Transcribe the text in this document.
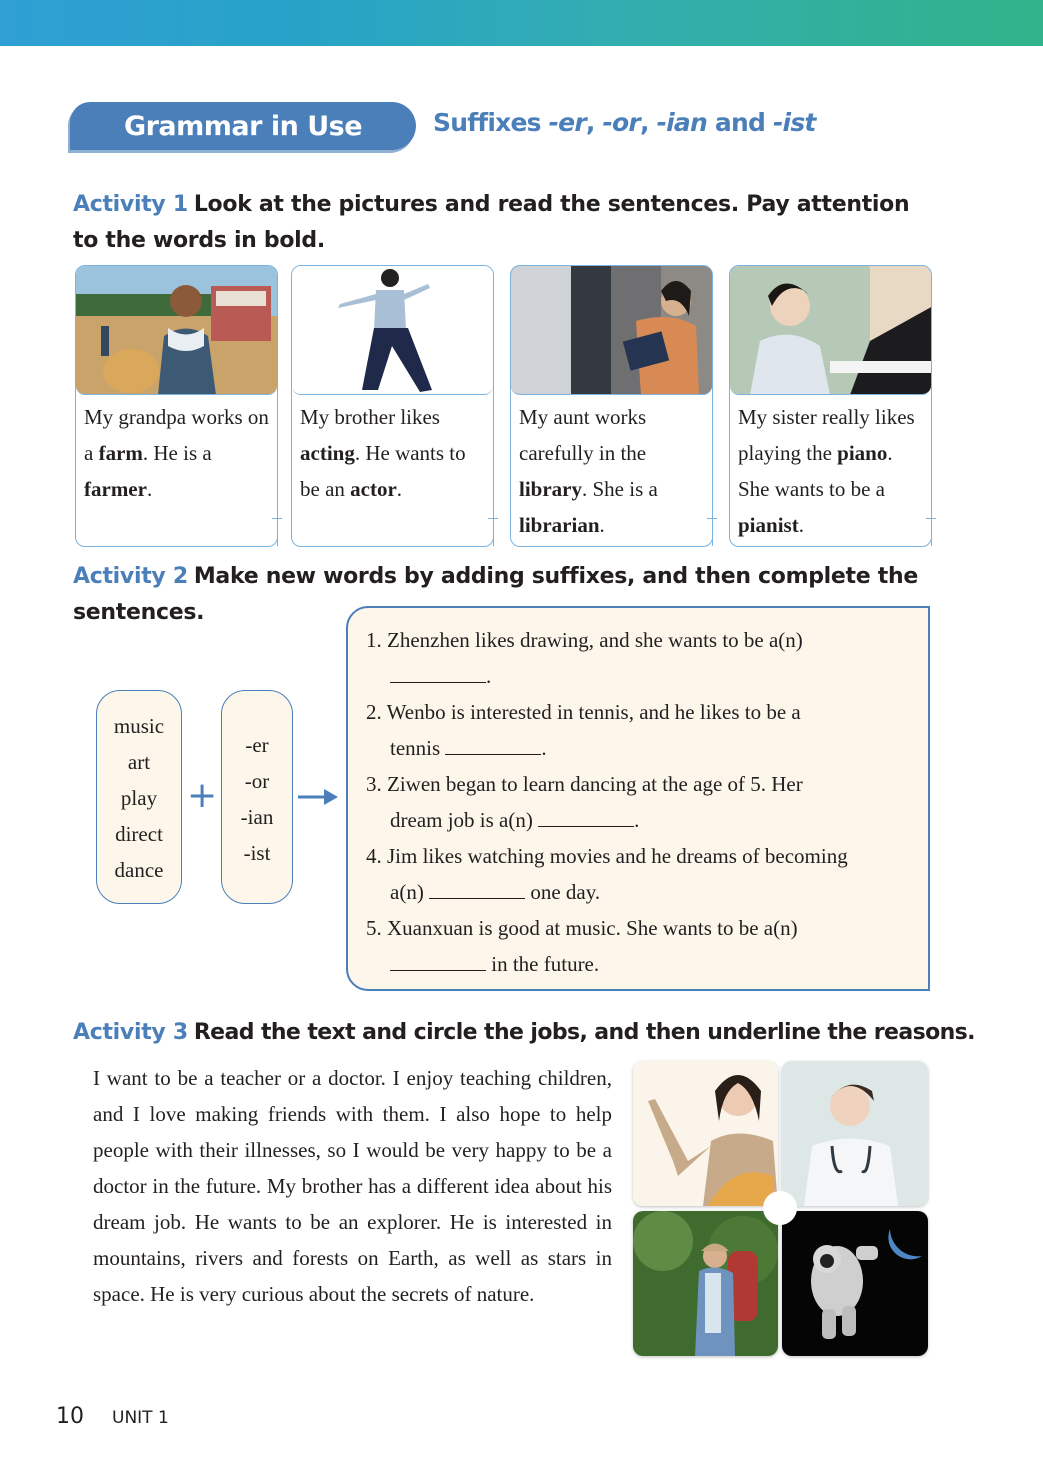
Grammar in Use	Suffixes -er, -or, -ian and -ist
Activity 1 Look at the pictures and read the sentences. Pay attention to the words in bold.
My grandpa works on a farm. He is a farmer.
My brother likes acting. He wants to be an actor.
My aunt works carefully in the library. She is a librarian.
My sister really likes playing the piano. She wants to be a pianist.
Activity 2 Make new words by adding suffixes, and then complete the sentences.
music
art
play
direct
dance
+
-er
-or
-ian
-ist
1. Zhenzhen likes drawing, and she wants to be a(n)
.
2. Wenbo is interested in tennis, and he likes to be a
tennis	.
3. Ziwen began to learn dancing at the age of 5. Her
dream job is a(n)	.
4. Jim likes watching movies and he dreams of becoming
a(n)	one day.
5. Xuanxuan is good at music. She wants to be a(n)
in the future.
Activity 3 Read the text and circle the jobs, and then underline the reasons.
I want to be a teacher or a doctor. I enjoy teaching children, and I love making friends with them. I also hope to help people with their illnesses, so I would be very happy to be a doctor in the future. My brother has a different idea about his dream job. He wants to be an explorer. He is interested in mountains, rivers and forests on Earth, as well as stars in space. He is very curious about the secrets of nature.
10 UNIT 1
